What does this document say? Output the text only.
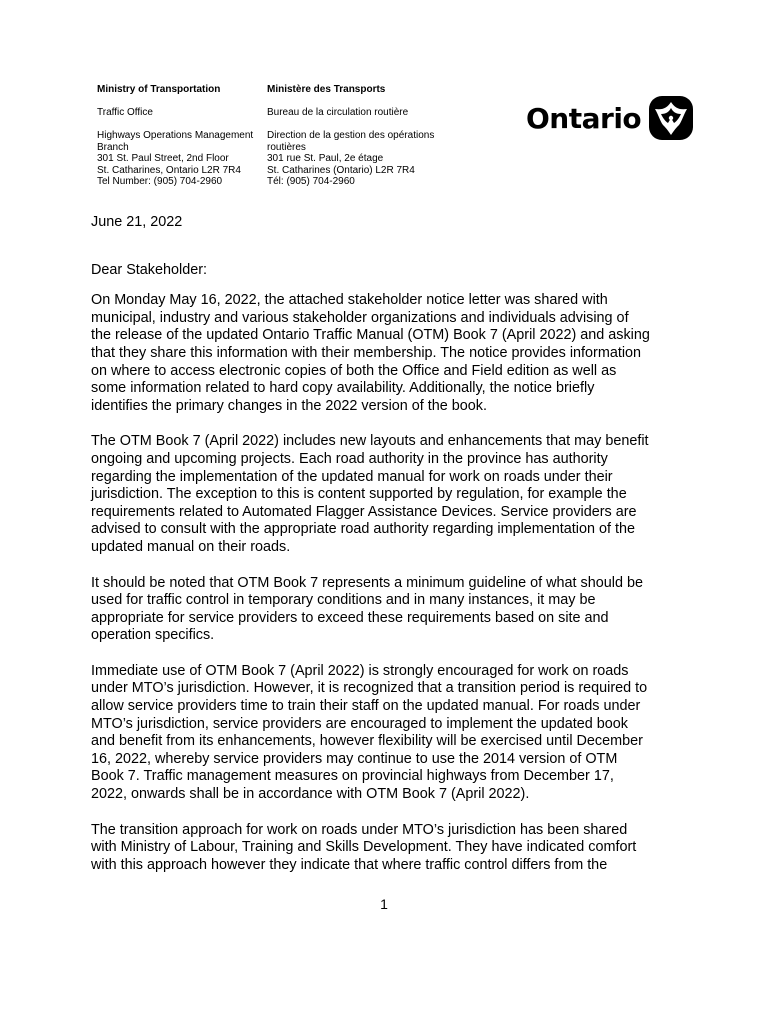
Ministry of Transportation
Traffic Office
Highways Operations Management
Branch
301 St. Paul Street, 2nd Floor
St. Catharines, Ontario L2R 7R4
Tel Number: (905) 704-2960
Ministère des Transports
Bureau de la circulation routière
Direction de la gestion des opérations
routières
301 rue St. Paul, 2e étage
St. Catharines (Ontario) L2R 7R4
Tél: (905) 704-2960
Ontario

June 21, 2022

Dear Stakeholder:

On Monday May 16, 2022, the attached stakeholder notice letter was shared with
municipal, industry and various stakeholder organizations and individuals advising of
the release of the updated Ontario Traffic Manual (OTM) Book 7 (April 2022) and asking
that they share this information with their membership. The notice provides information
on where to access electronic copies of both the Office and Field edition as well as
some information related to hard copy availability. Additionally, the notice briefly
identifies the primary changes in the 2022 version of the book.

The OTM Book 7 (April 2022) includes new layouts and enhancements that may benefit
ongoing and upcoming projects. Each road authority in the province has authority
regarding the implementation of the updated manual for work on roads under their
jurisdiction. The exception to this is content supported by regulation, for example the
requirements related to Automated Flagger Assistance Devices. Service providers are
advised to consult with the appropriate road authority regarding implementation of the
updated manual on their roads.

It should be noted that OTM Book 7 represents a minimum guideline of what should be
used for traffic control in temporary conditions and in many instances, it may be
appropriate for service providers to exceed these requirements based on site and
operation specifics.

Immediate use of OTM Book 7 (April 2022) is strongly encouraged for work on roads
under MTO’s jurisdiction. However, it is recognized that a transition period is required to
allow service providers time to train their staff on the updated manual. For roads under
MTO’s jurisdiction, service providers are encouraged to implement the updated book
and benefit from its enhancements, however flexibility will be exercised until December
16, 2022, whereby service providers may continue to use the 2014 version of OTM
Book 7. Traffic management measures on provincial highways from December 17,
2022, onwards shall be in accordance with OTM Book 7 (April 2022).

The transition approach for work on roads under MTO’s jurisdiction has been shared
with Ministry of Labour, Training and Skills Development. They have indicated comfort
with this approach however they indicate that where traffic control differs from the

1
